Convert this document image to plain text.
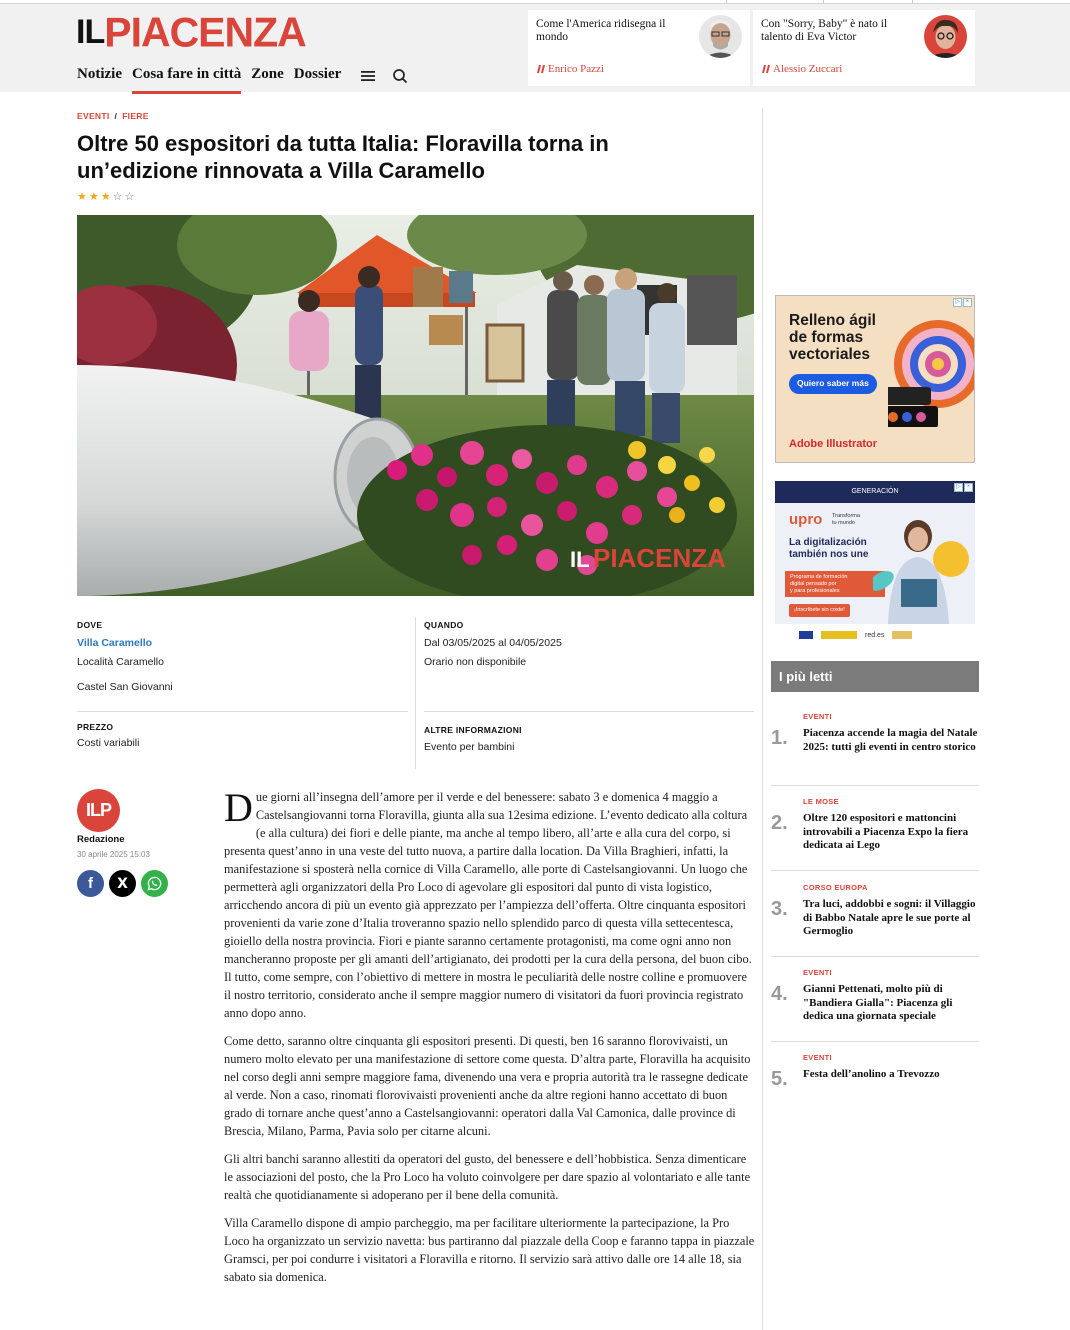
IL PIACENZA
Notizie Cosa fare in città Zone Dossier
Come l'America ridisegna il mondo
Enrico Pazzi
Con "Sorry, Baby" è nato il talento di Eva Victor
Alessio Zuccari
EVENTI / FIERE
Oltre 50 espositori da tutta Italia: Floravilla torna in un’edizione rinnovata a Villa Caramello
★ ★ ★ ☆ ☆
IL PIACENZA
DOVE
Villa Caramello
Località Caramello
Castel San Giovanni
QUANDO
Dal 03/05/2025 al 04/05/2025
Orario non disponibile
PREZZO
Costi variabili
ALTRE INFORMAZIONI
Evento per bambini
ILP
Redazione
30 aprile 2025 15:03
f X

Due giorni all’insegna dell’amore per il verde e del benessere: sabato 3 e domenica 4 maggio a Castelsangiovanni torna Floravilla, giunta alla sua 12esima edizione. L’evento dedicato alla coltura (e alla cultura) dei fiori e delle piante, ma anche al tempo libero, all’arte e alla cura del corpo, si presenta quest’anno in una veste del tutto nuova, a partire dalla location. Da Villa Braghieri, infatti, la manifestazione si sposterà nella cornice di Villa Caramello, alle porte di Castelsangiovanni. Un luogo che permetterà agli organizzatori della Pro Loco di agevolare gli espositori dal punto di vista logistico, arricchendo ancora di più un evento già apprezzato per l’ampiezza dell’offerta. Oltre cinquanta espositori provenienti da varie zone d’Italia troveranno spazio nello splendido parco di questa villa settecentesca, gioiello della nostra provincia. Fiori e piante saranno certamente protagonisti, ma come ogni anno non mancheranno proposte per gli amanti dell’artigianato, dei prodotti per la cura della persona, del buon cibo. Il tutto, come sempre, con l’obiettivo di mettere in mostra le peculiarità delle nostre colline e promuovere il nostro territorio, considerato anche il sempre maggior numero di visitatori da fuori provincia registrato anno dopo anno.

Come detto, saranno oltre cinquanta gli espositori presenti. Di questi, ben 16 saranno florovivaisti, un numero molto elevato per una manifestazione di settore come questa. D’altra parte, Floravilla ha acquisito nel corso degli anni sempre maggiore fama, divenendo una vera e propria autorità tra le rassegne dedicate al verde. Non a caso, rinomati florovivaisti provenienti anche da altre regioni hanno accettato di buon grado di tornare anche quest’anno a Castelsangiovanni: operatori dalla Val Camonica, dalle province di Brescia, Milano, Parma, Pavia solo per citarne alcuni.

Gli altri banchi saranno allestiti da operatori del gusto, del benessere e dell’hobbistica. Senza dimenticare le associazioni del posto, che la Pro Loco ha voluto coinvolgere per dare spazio al volontariato e alle tante realtà che quotidianamente si adoperano per il bene della comunità.

Villa Caramello dispone di ampio parcheggio, ma per facilitare ulteriormente la partecipazione, la Pro Loco ha organizzato un servizio navetta: bus partiranno dal piazzale della Coop e faranno tappa in piazzale Gramsci, per poi condurre i visitatori a Floravilla e ritorno. Il servizio sarà attivo dalle ore 14 alle 18, sia sabato sia domenica.

Relleno ágil
de formas
vectoriales
Quiero saber más
Adobe Illustrator
▷ ×
GENERACIÓN
upro Transforma
tu mundo
La digitalización
también nos une
Programa de formación
digital pensado por
y para profesionales
¡Inscríbete sin coste!
red.es
▷ ×
I più letti
1.
EVENTI
Piacenza accende la magia del Natale 2025: tutti gli eventi in centro storico
2.
LE MOSE
Oltre 120 espositori e mattoncini introvabili a Piacenza Expo la fiera dedicata ai Lego
3.
CORSO EUROPA
Tra luci, addobbi e sogni: il Villaggio di Babbo Natale apre le sue porte al Germoglio
4.
EVENTI
Gianni Pettenati, molto più di "Bandiera Gialla": Piacenza gli dedica una giornata speciale
5.
EVENTI
Festa dell’anolino a Trevozzo
